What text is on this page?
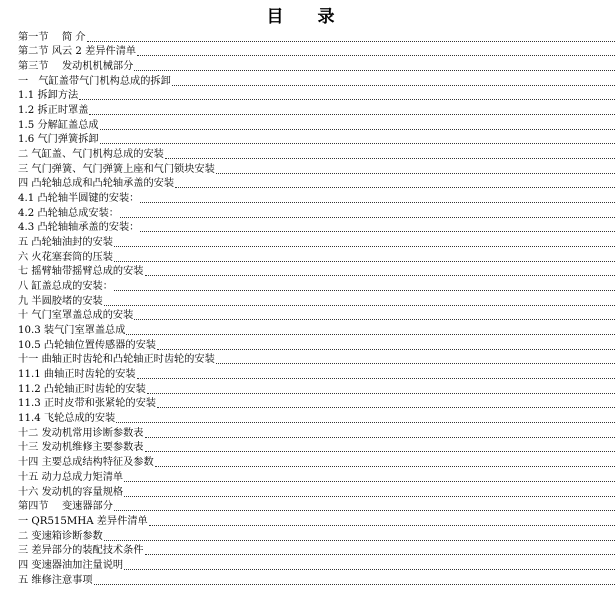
目 录
第一节　 简 介
第二节 风云 2 差异件清单
第三节　 发动机机械部分
一　气缸盖带气门机构总成的拆卸
1.1 拆卸方法
1.2 拆正时罩盖
1.5 分解缸盖总成
1.6 气门弹簧拆卸
二 气缸盖、气门机构总成的安装
三 气门弹簧、气门弹簧上座和气门锁块安装
四 凸轮轴总成和凸轮轴承盖的安装
4.1 凸轮轴半圆键的安装：
4.2 凸轮轴总成安装：
4.3 凸轮轴轴承盖的安装：
五 凸轮轴油封的安装
六 火花塞套筒的压装
七 摇臂轴带摇臂总成的安装
八 缸盖总成的安装：
九 半圆胶堵的安装
十 气门室罩盖总成的安装
10.3 装气门室罩盖总成
10.5 凸轮轴位置传感器的安装
十一 曲轴正时齿轮和凸轮轴正时齿轮的安装
11.1 曲轴正时齿轮的安装
11.2 凸轮轴正时齿轮的安装
11.3 正时皮带和张紧轮的安装
11.4 飞轮总成的安装
十二 发动机常用诊断参数表
十三 发动机维修主要参数表
十四 主要总成结构特征及参数
十五 动力总成力矩清单
十六 发动机的容量规格
第四节　 变速器部分
一 QR515MHA 差异件清单
二 变速箱诊断参数
三 差异部分的装配技术条件
四 变速器油加注量说明
五 维修注意事项
